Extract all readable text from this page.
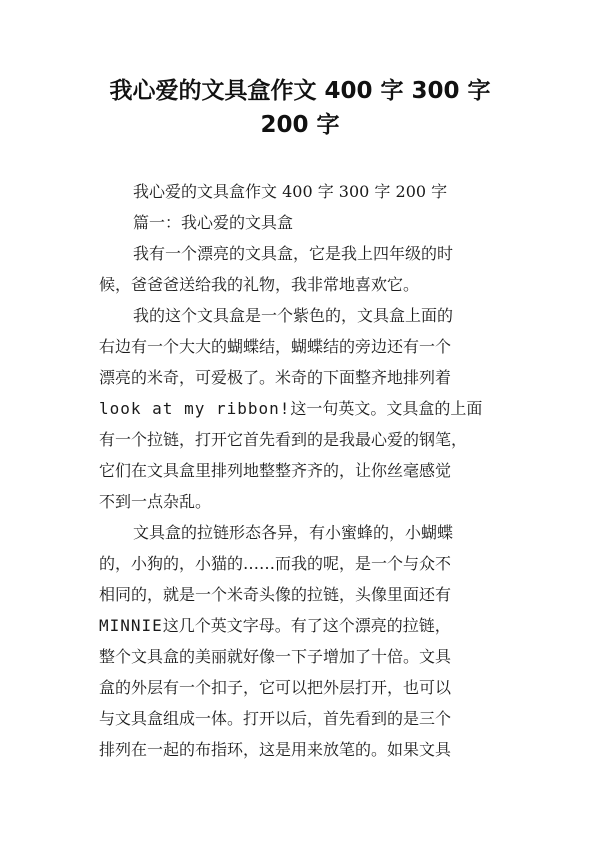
我心爱的文具盒作文 400 字 300 字
200 字
我心爱的文具盒作文 400 字 300 字 200 字
篇一：我心爱的文具盒
我有一个漂亮的文具盒，它是我上四年级的时
候，爸爸爸送给我的礼物，我非常地喜欢它。
我的这个文具盒是一个紫色的，文具盒上面的
右边有一个大大的蝴蝶结，蝴蝶结的旁边还有一个
漂亮的米奇，可爱极了。米奇的下面整齐地排列着
look at my ribbon!这一句英文。文具盒的上面
有一个拉链，打开它首先看到的是我最心爱的钢笔，
它们在文具盒里排列地整整齐齐的，让你丝毫感觉
不到一点杂乱。
文具盒的拉链形态各异，有小蜜蜂的，小蝴蝶
的，小狗的，小猫的……而我的呢，是一个与众不
相同的，就是一个米奇头像的拉链，头像里面还有
MINNIE这几个英文字母。有了这个漂亮的拉链，
整个文具盒的美丽就好像一下子增加了十倍。文具
盒的外层有一个扣子，它可以把外层打开，也可以
与文具盒组成一体。打开以后，首先看到的是三个
排列在一起的布指环，这是用来放笔的。如果文具
